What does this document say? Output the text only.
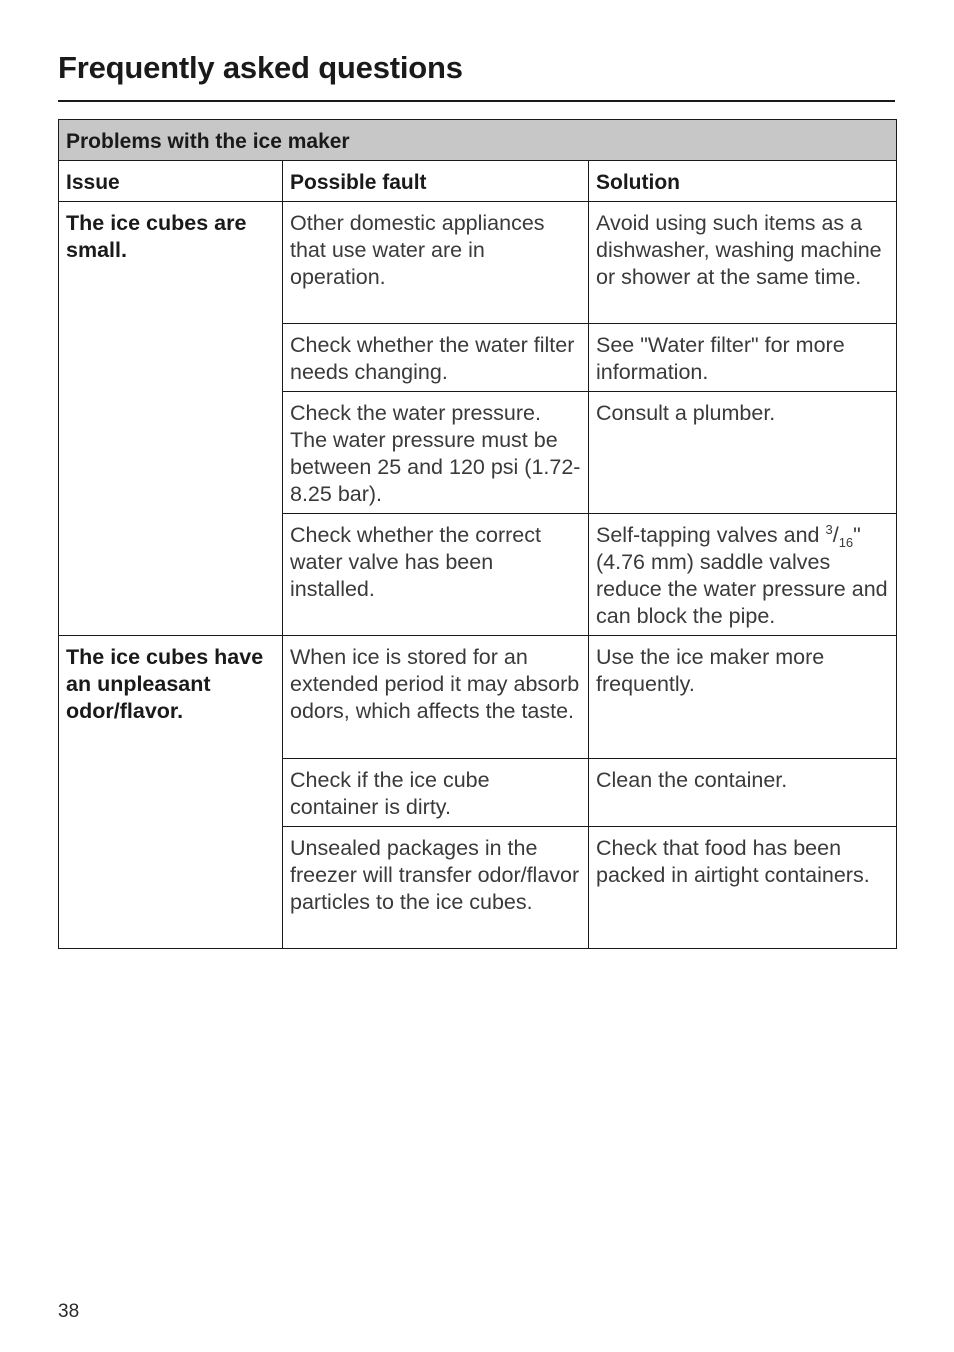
Frequently asked questions
Problems with the ice maker		
Issue	Possible fault	Solution
The ice cubes are small.	Other domestic appliances that use water are in operation.	Avoid using such items as a dishwasher, washing machine or shower at the same time.
	Check whether the water filter needs changing.	See "Water filter" for more information.
	Check the water pressure. The water pressure must be between 25 and 120 psi (1.72-8.25 bar).	Consult a plumber.
	Check whether the correct water valve has been installed.	Self-tapping valves and $^3/_{16}$" (4.76 mm) saddle valves reduce the water pressure and can block the pipe.
The ice cubes have an unpleasant odor/flavor.	When ice is stored for an extended period it may absorb odors, which affects the taste.	Use the ice maker more frequently.
	Check if the ice cube container is dirty.	Clean the container.
	Unsealed packages in the freezer will transfer odor/flavor particles to the ice cubes.	Check that food has been packed in airtight containers.
38
